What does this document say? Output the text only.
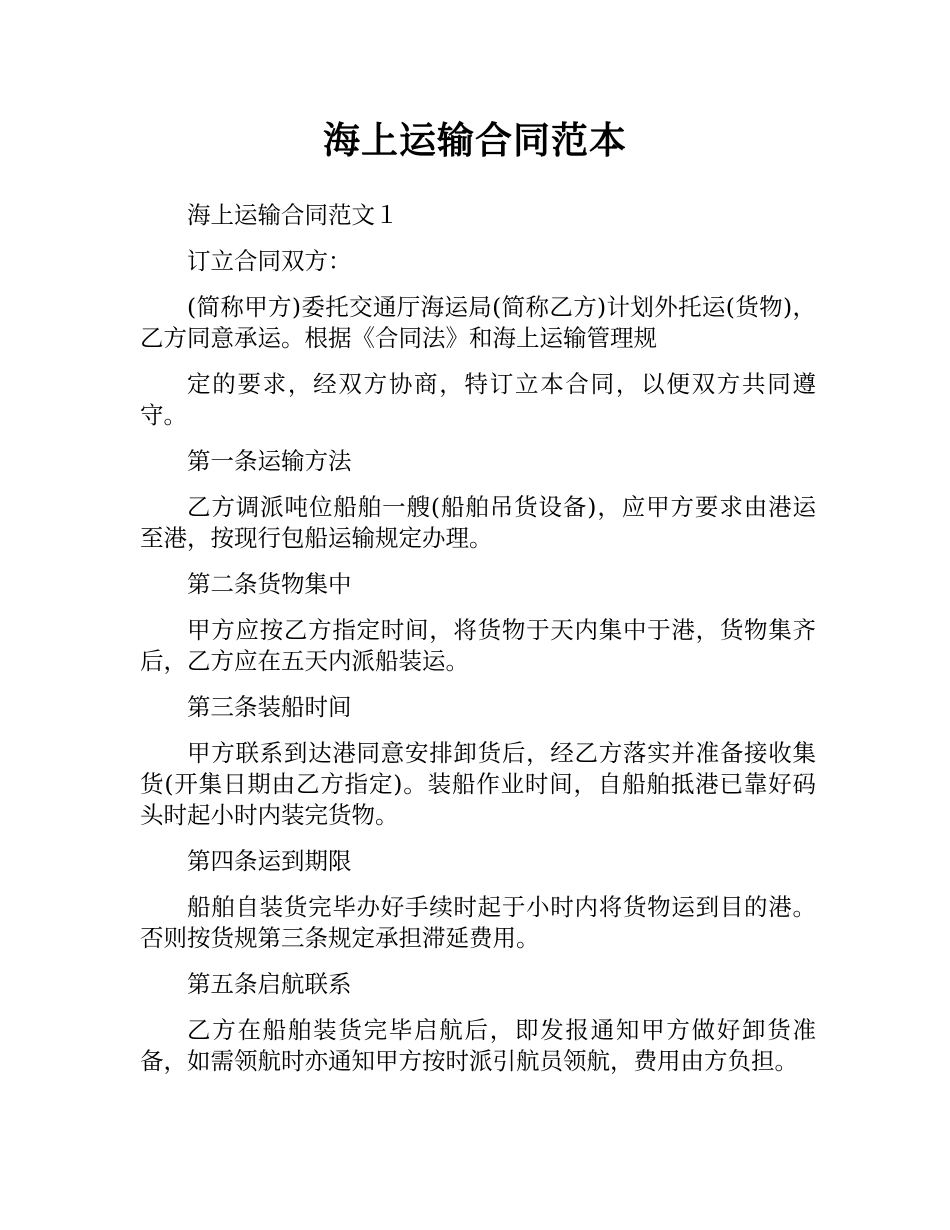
海上运输合同范本

海上运输合同范文１

订立合同双方：

(简称甲方)委托交通厅海运局(简称乙方)计划外托运(货物)，乙方同意承运。根据《合同法》和海上运输管理规

定的要求，经双方协商，特订立本合同，以便双方共同遵守。

第一条运输方法

乙方调派吨位船舶一艘(船舶吊货设备)，应甲方要求由港运至港，按现行包船运输规定办理。

第二条货物集中

甲方应按乙方指定时间，将货物于天内集中于港，货物集齐后，乙方应在五天内派船装运。

第三条装船时间

甲方联系到达港同意安排卸货后，经乙方落实并准备接收集货(开集日期由乙方指定)。装船作业时间，自船舶抵港已靠好码头时起小时内装完货物。

第四条运到期限

船舶自装货完毕办好手续时起于小时内将货物运到目的港。否则按货规第三条规定承担滞延费用。

第五条启航联系

乙方在船舶装货完毕启航后，即发报通知甲方做好卸货准备，如需领航时亦通知甲方按时派引航员领航，费用由方负担。
